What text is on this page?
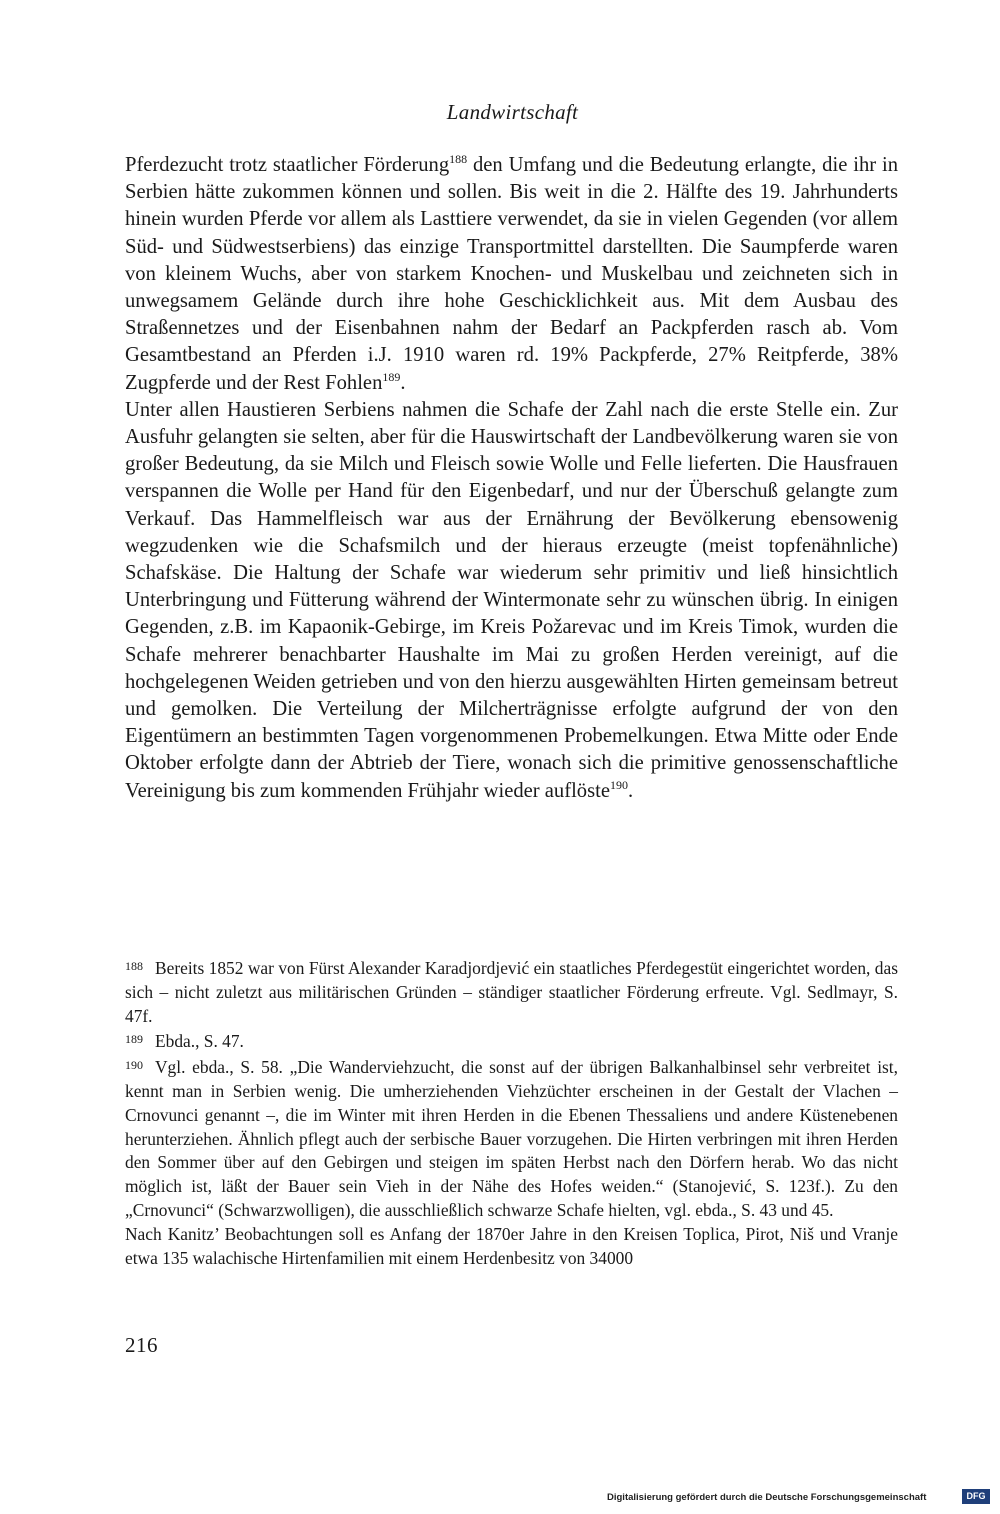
Landwirtschaft

Pferdezucht trotz staatlicher Förderung$^{188}$ den Umfang und die Bedeutung erlangte, die ihr in Serbien hätte zukommen können und sollen. Bis weit in die 2. Hälfte des 19. Jahrhunderts hinein wurden Pferde vor allem als Lasttiere verwendet, da sie in vielen Gegenden (vor allem Süd- und Südwestserbiens) das einzige Transportmittel darstellten. Die Saumpferde waren von kleinem Wuchs, aber von starkem Knochen- und Muskelbau und zeichneten sich in unwegsamem Gelände durch ihre hohe Geschicklichkeit aus. Mit dem Ausbau des Straßennetzes und der Eisenbahnen nahm der Bedarf an Packpferden rasch ab. Vom Gesamtbestand an Pferden i.J. 1910 waren rd. 19% Packpferde, 27% Reitpferde, 38% Zugpferde und der Rest Fohlen$^{189}$.

Unter allen Haustieren Serbiens nahmen die Schafe der Zahl nach die erste Stelle ein. Zur Ausfuhr gelangten sie selten, aber für die Hauswirtschaft der Landbevölkerung waren sie von großer Bedeutung, da sie Milch und Fleisch sowie Wolle und Felle lieferten. Die Hausfrauen verspannen die Wolle per Hand für den Eigenbedarf, und nur der Überschuß gelangte zum Verkauf. Das Hammelfleisch war aus der Ernährung der Bevölkerung ebensowenig wegzudenken wie die Schafsmilch und der hieraus erzeugte (meist topfenähnliche) Schafskäse. Die Haltung der Schafe war wiederum sehr primitiv und ließ hinsichtlich Unterbringung und Fütterung während der Wintermonate sehr zu wünschen übrig. In einigen Gegenden, z.B. im Kapaonik-Gebirge, im Kreis Požarevac und im Kreis Timok, wurden die Schafe mehrerer benachbarter Haushalte im Mai zu großen Herden vereinigt, auf die hochgelegenen Weiden getrieben und von den hierzu ausgewählten Hirten gemeinsam betreut und gemolken. Die Verteilung der Milcherträgnisse erfolgte aufgrund der von den Eigentümern an bestimmten Tagen vorgenommenen Probemelkungen. Etwa Mitte oder Ende Oktober erfolgte dann der Abtrieb der Tiere, wonach sich die primitive genossenschaftliche Vereinigung bis zum kommenden Frühjahr wieder auflöste$^{190}$.

188 Bereits 1852 war von Fürst Alexander Karadjordjević ein staatliches Pferdegestüt eingerichtet worden, das sich – nicht zuletzt aus militärischen Gründen – ständiger staatlicher Förderung erfreute. Vgl. Sedlmayr, S. 47f.

189 Ebda., S. 47.

190 Vgl. ebda., S. 58. „Die Wanderviehzucht, die sonst auf der übrigen Balkanhalbinsel sehr verbreitet ist, kennt man in Serbien wenig. Die umherziehenden Viehzüchter erscheinen in der Gestalt der Vlachen – Crnovunci genannt –, die im Winter mit ihren Herden in die Ebenen Thessaliens und andere Küstenebenen herunterziehen. Ähnlich pflegt auch der serbische Bauer vorzugehen. Die Hirten verbringen mit ihren Herden den Sommer über auf den Gebirgen und steigen im späten Herbst nach den Dörfern herab. Wo das nicht möglich ist, läßt der Bauer sein Vieh in der Nähe des Hofes weiden.“ (Stanojević, S. 123f.). Zu den „Crnovunci“ (Schwarzwolligen), die ausschließlich schwarze Schafe hielten, vgl. ebda., S. 43 und 45.

Nach Kanitz’ Beobachtungen soll es Anfang der 1870er Jahre in den Kreisen Toplica, Pirot, Niš und Vranje etwa 135 walachische Hirtenfamilien mit einem Herdenbesitz von 34000

216
Digitalisierung gefördert durch die Deutsche Forschungsgemeinschaft	DFG
